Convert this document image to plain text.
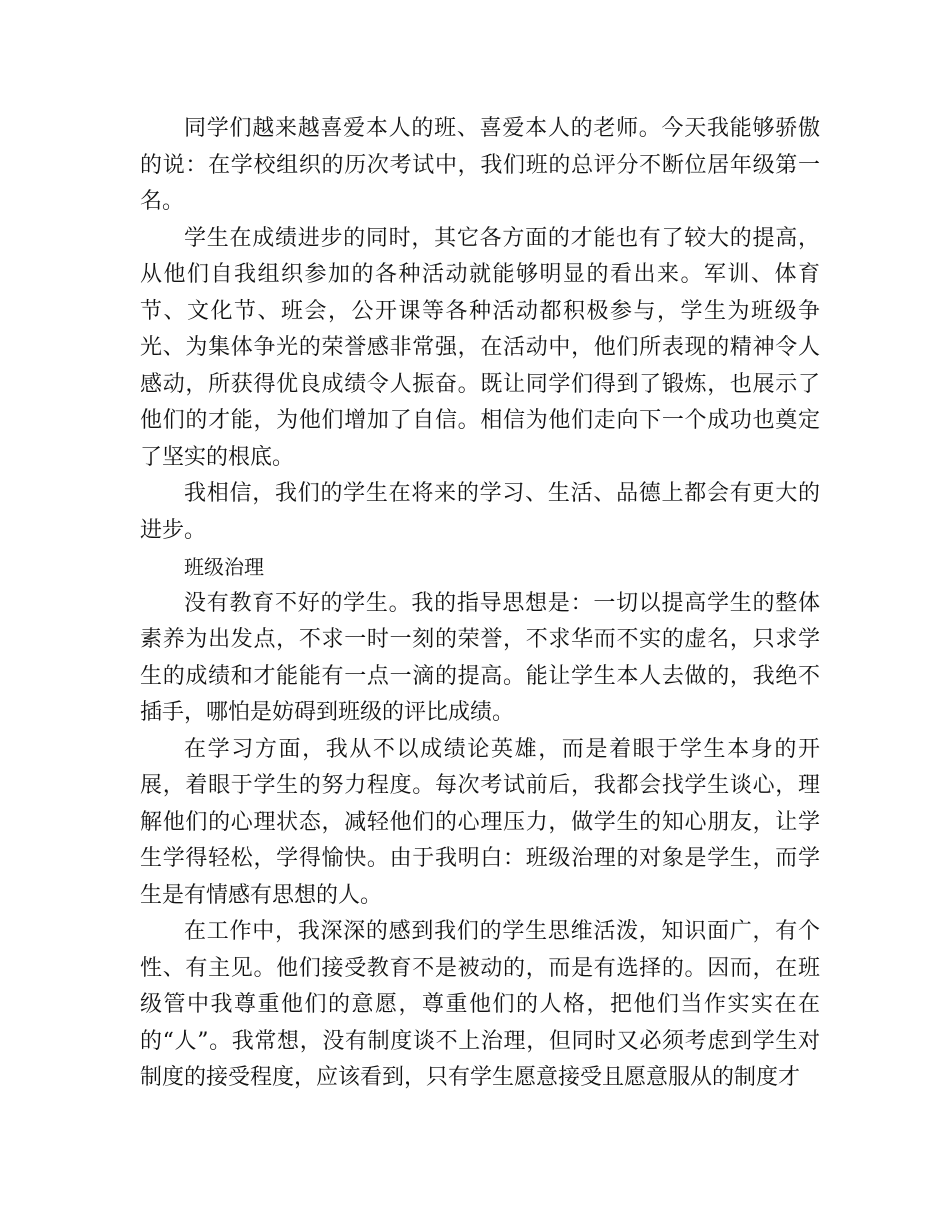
同学们越来越喜爱本人的班、喜爱本人的老师。今天我能够骄傲的说：在学校组织的历次考试中，我们班的总评分不断位居年级第一名。

学生在成绩进步的同时，其它各方面的才能也有了较大的提高，从他们自我组织参加的各种活动就能够明显的看出来。军训、体育节、文化节、班会，公开课等各种活动都积极参与，学生为班级争光、为集体争光的荣誉感非常强，在活动中，他们所表现的精神令人感动，所获得优良成绩令人振奋。既让同学们得到了锻炼，也展示了他们的才能，为他们增加了自信。相信为他们走向下一个成功也奠定了坚实的根底。

我相信，我们的学生在将来的学习、生活、品德上都会有更大的进步。

班级治理

没有教育不好的学生。我的指导思想是：一切以提高学生的整体素养为出发点，不求一时一刻的荣誉，不求华而不实的虚名，只求学生的成绩和才能能有一点一滴的提高。能让学生本人去做的，我绝不插手，哪怕是妨碍到班级的评比成绩。

在学习方面，我从不以成绩论英雄，而是着眼于学生本身的开展，着眼于学生的努力程度。每次考试前后，我都会找学生谈心，理解他们的心理状态，减轻他们的心理压力，做学生的知心朋友，让学生学得轻松，学得愉快。由于我明白：班级治理的对象是学生，而学生是有情感有思想的人。

在工作中，我深深的感到我们的学生思维活泼，知识面广，有个性、有主见。他们接受教育不是被动的，而是有选择的。因而，在班级管中我尊重他们的意愿，尊重他们的人格，把他们当作实实在在的“人”。我常想，没有制度谈不上治理，但同时又必须考虑到学生对制度的接受程度，应该看到，只有学生愿意接受且愿意服从的制度才
